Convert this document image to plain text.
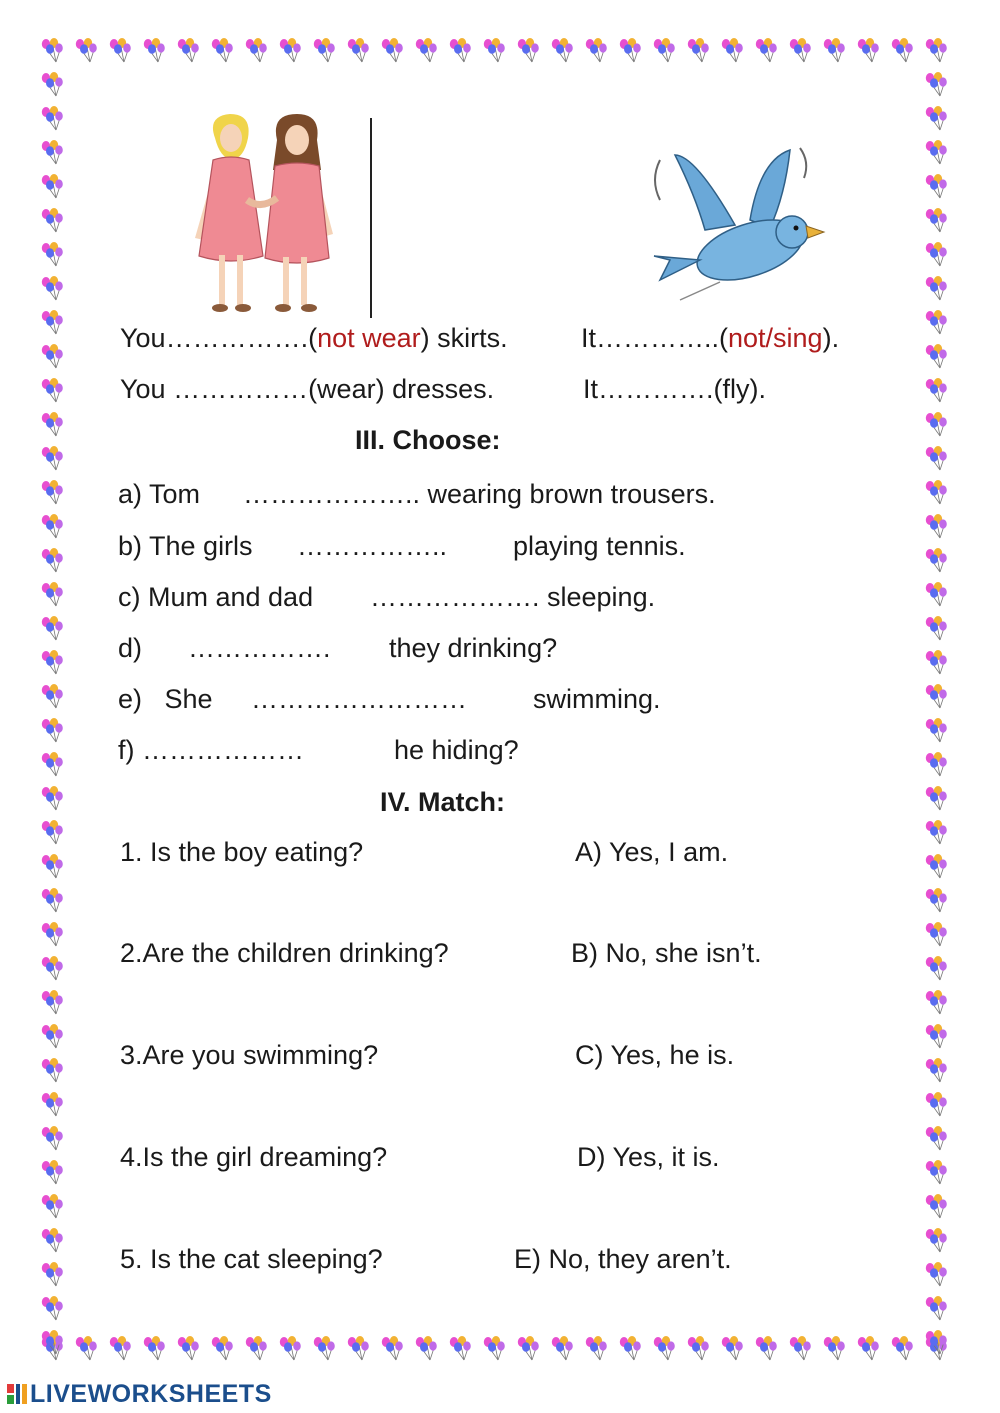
You…………….(not wear) skirts.	It…………..(not/sing).
You ……………(wear) dresses.	It………….(fly).
III. Choose:
a) Tom ……………….. wearing brown trousers.
b) The girls …………….. playing tennis.
c) Mum and dad ………………. sleeping.
d) ……………. they drinking?
e)   She …………………… swimming.
f) ………………	he hiding?
IV. Match:
1. Is the boy eating?	A) Yes, I am.
2.Are the children drinking?	B) No, she isn’t.
3.Are you swimming?	C) Yes, he is.
4.Is the girl dreaming?	D) Yes, it is.
5. Is the cat sleeping?	E) No, they aren’t.
LIVEWORKSHEETS
